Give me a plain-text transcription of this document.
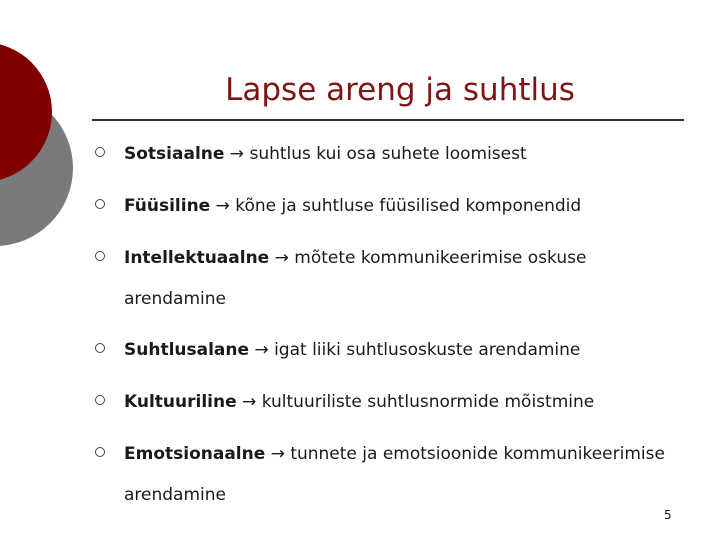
Lapse areng ja suhtlus
Sotsiaalne → suhtlus kui osa suhete loomisest
Füüsiline → kõne ja suhtluse füüsilised komponendid
Intellektuaalne → mõtete kommunikeerimise oskuse
arendamine
Suhtlusalane → igat liiki suhtlusoskuste arendamine
Kultuuriline → kultuuriliste suhtlusnormide mõistmine
Emotsionaalne → tunnete ja emotsioonide kommunikeerimise
arendamine
5
